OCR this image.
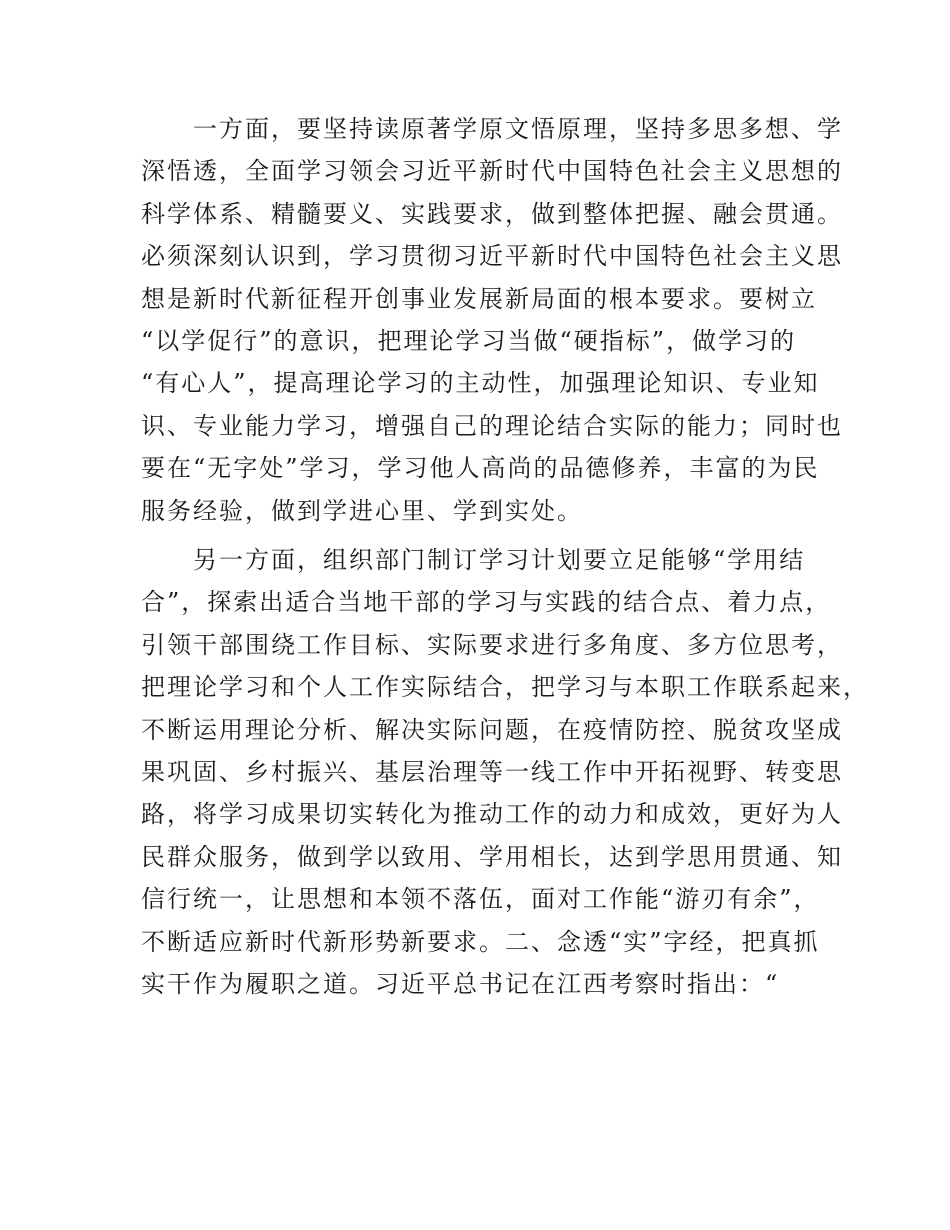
　　一方面，要坚持读原著学原文悟原理，坚持多思多想、学
深悟透，全面学习领会习近平新时代中国特色社会主义思想的
科学体系、精髓要义、实践要求，做到整体把握、融会贯通。
必须深刻认识到，学习贯彻习近平新时代中国特色社会主义思
想是新时代新征程开创事业发展新局面的根本要求。要树立
“以学促行”的意识，把理论学习当做“硬指标”，做学习的
“有心人”，提高理论学习的主动性，加强理论知识、专业知
识、专业能力学习，增强自己的理论结合实际的能力；同时也
要在“无字处”学习，学习他人高尚的品德修养，丰富的为民
服务经验，做到学进心里、学到实处。
　　另一方面，组织部门制订学习计划要立足能够“学用结
合”，探索出适合当地干部的学习与实践的结合点、着力点，
引领干部围绕工作目标、实际要求进行多角度、多方位思考，
把理论学习和个人工作实际结合，把学习与本职工作联系起来，
不断运用理论分析、解决实际问题，在疫情防控、脱贫攻坚成
果巩固、乡村振兴、基层治理等一线工作中开拓视野、转变思
路，将学习成果切实转化为推动工作的动力和成效，更好为人
民群众服务，做到学以致用、学用相长，达到学思用贯通、知
信行统一，让思想和本领不落伍，面对工作能“游刃有余”，
不断适应新时代新形势新要求。二、念透“实”字经，把真抓
实干作为履职之道。习近平总书记在江西考察时指出：“
